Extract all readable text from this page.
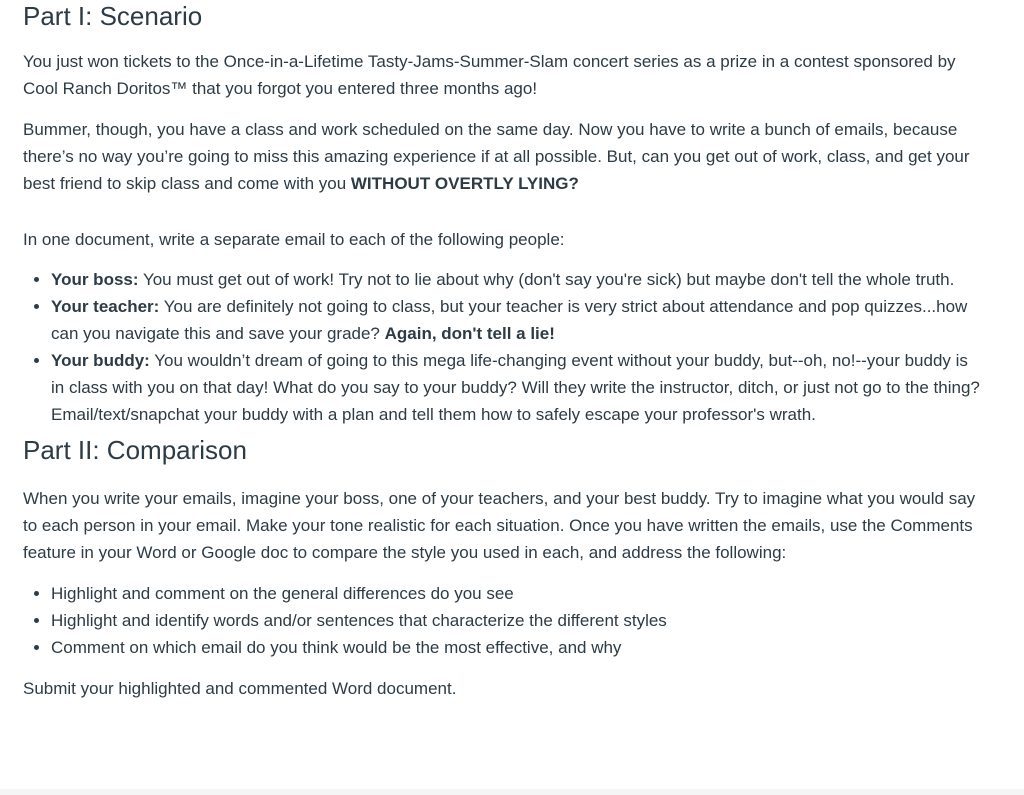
Part I: Scenario

You just won tickets to the Once-in-a-Lifetime Tasty-Jams-Summer-Slam concert series as a prize in a contest sponsored by Cool Ranch Doritos™ that you forgot you entered three months ago!

Bummer, though, you have a class and work scheduled on the same day. Now you have to write a bunch of emails, because there’s no way you’re going to miss this amazing experience if at all possible. But, can you get out of work, class, and get your best friend to skip class and come with you WITHOUT OVERTLY LYING?

In one document, write a separate email to each of the following people:

• Your boss: You must get out of work! Try not to lie about why (don't say you're sick) but maybe don't tell the whole truth.
• Your teacher: You are definitely not going to class, but your teacher is very strict about attendance and pop quizzes...how can you navigate this and save your grade? Again, don't tell a lie!
• Your buddy: You wouldn’t dream of going to this mega life-changing event without your buddy, but--oh, no!--your buddy is in class with you on that day! What do you say to your buddy? Will they write the instructor, ditch, or just not go to the thing? Email/text/snapchat your buddy with a plan and tell them how to safely escape your professor's wrath.
Part II: Comparison

When you write your emails, imagine your boss, one of your teachers, and your best buddy. Try to imagine what you would say to each person in your email. Make your tone realistic for each situation. Once you have written the emails, use the Comments feature in your Word or Google doc to compare the style you used in each, and address the following:

• Highlight and comment on the general differences do you see
• Highlight and identify words and/or sentences that characterize the different styles
• Comment on which email do you think would be the most effective, and why

Submit your highlighted and commented Word document.
